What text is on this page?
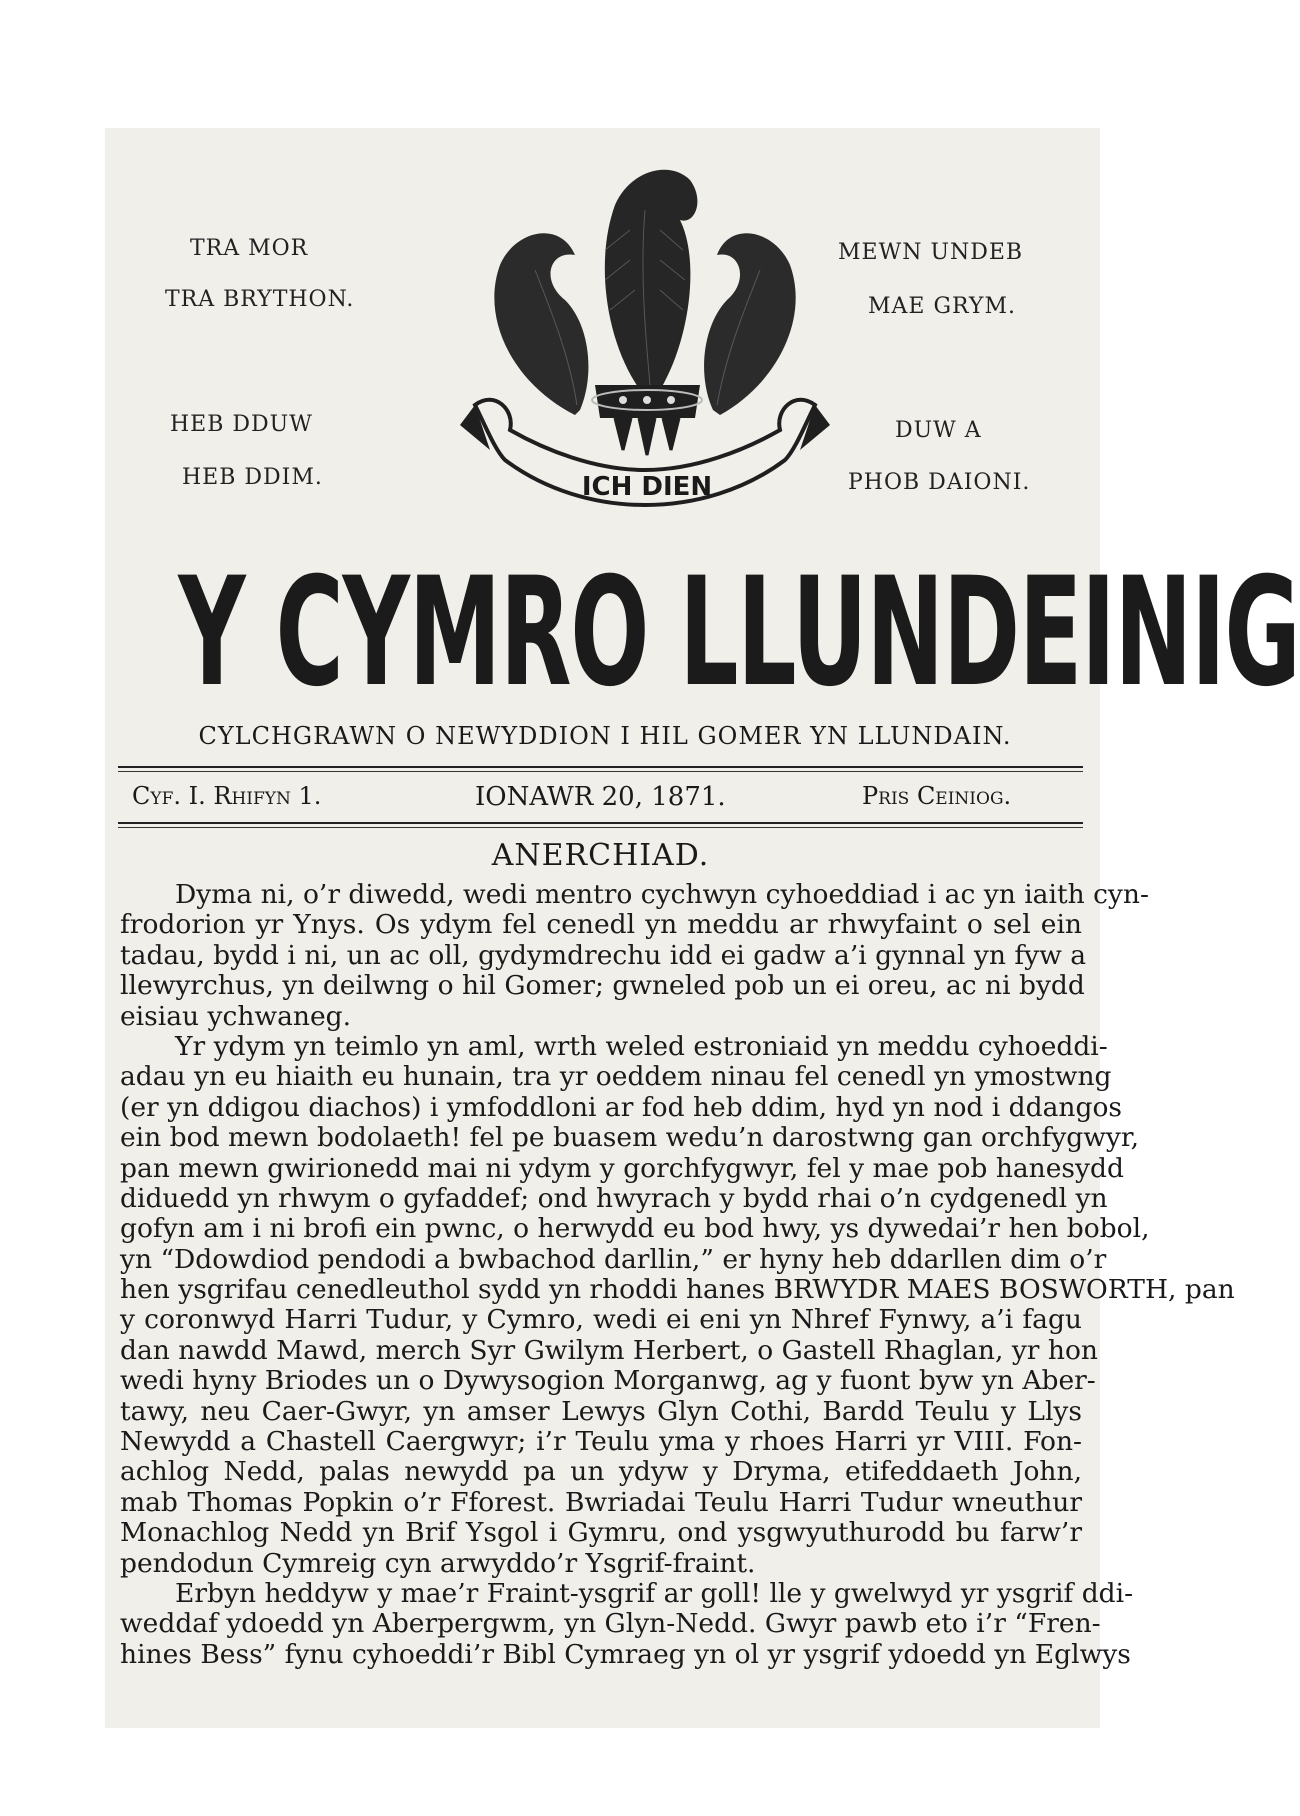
TRA MOR
TRA BRYTHON.
MEWN UNDEB
MAE GRYM.
HEB DDUW
HEB DDIM.
DUW A
PHOB DAIONI.
ICH DIEN
Y CYMRO LLUNDEINIG
CYLCHGRAWN O NEWYDDION I HIL GOMER YN LLUNDAIN.
Cyf. I. Rhifyn 1.	IONAWR 20, 1871.	Pris Ceiniog.
ANERCHIAD.
Dyma ni, o’r diwedd, wedi mentro cychwyn cyhoeddiad i ac yn iaith cyn-
frodorion yr Ynys. Os ydym fel cenedl yn meddu ar rhwyfaint o sel ein
tadau, bydd i ni, un ac oll, gydymdrechu idd ei gadw a’i gynnal yn fyw a
llewyrchus, yn deilwng o hil Gomer; gwneled pob un ei oreu, ac ni bydd
eisiau ychwaneg.
Yr ydym yn teimlo yn aml, wrth weled estroniaid yn meddu cyhoeddi-
adau yn eu hiaith eu hunain, tra yr oeddem ninau fel cenedl yn ymostwng
(er yn ddigou diachos) i ymfoddloni ar fod heb ddim, hyd yn nod i ddangos
ein bod mewn bodolaeth! fel pe buasem wedu’n darostwng gan orchfygwyr,
pan mewn gwirionedd mai ni ydym y gorchfygwyr, fel y mae pob hanesydd
diduedd yn rhwym o gyfaddef; ond hwyrach y bydd rhai o’n cydgenedl yn
gofyn am i ni brofi ein pwnc, o herwydd eu bod hwy, ys dywedai’r hen bobol,
yn “Ddowdiod pendodi a bwbachod darllin,” er hyny heb ddarllen dim o’r
hen ysgrifau cenedleuthol sydd yn rhoddi hanes BRWYDR MAES BOSWORTH, pan
y coronwyd Harri Tudur, y Cymro, wedi ei eni yn Nhref Fynwy, a’i fagu
dan nawdd Mawd, merch Syr Gwilym Herbert, o Gastell Rhaglan, yr hon
wedi hyny Briodes un o Dywysogion Morganwg, ag y fuont byw yn Aber-
tawy, neu Caer-Gwyr, yn amser Lewys Glyn Cothi, Bardd Teulu y Llys
Newydd a Chastell Caergwyr; i’r Teulu yma y rhoes Harri yr VIII. Fon-
achlog Nedd, palas newydd pa un ydyw y Dryma, etifeddaeth John,
mab Thomas Popkin o’r Fforest. Bwriadai Teulu Harri Tudur wneuthur
Monachlog Nedd yn Brif Ysgol i Gymru, ond ysgwyuthurodd bu farw’r
pendodun Cymreig cyn arwyddo’r Ysgrif-fraint.
Erbyn heddyw y mae’r Fraint-ysgrif ar goll! lle y gwelwyd yr ysgrif ddi-
weddaf ydoedd yn Aberpergwm, yn Glyn-Nedd. Gwyr pawb eto i’r “Fren-
hines Bess” fynu cyhoeddi’r Bibl Cymraeg yn ol yr ysgrif ydoedd yn Eglwys
